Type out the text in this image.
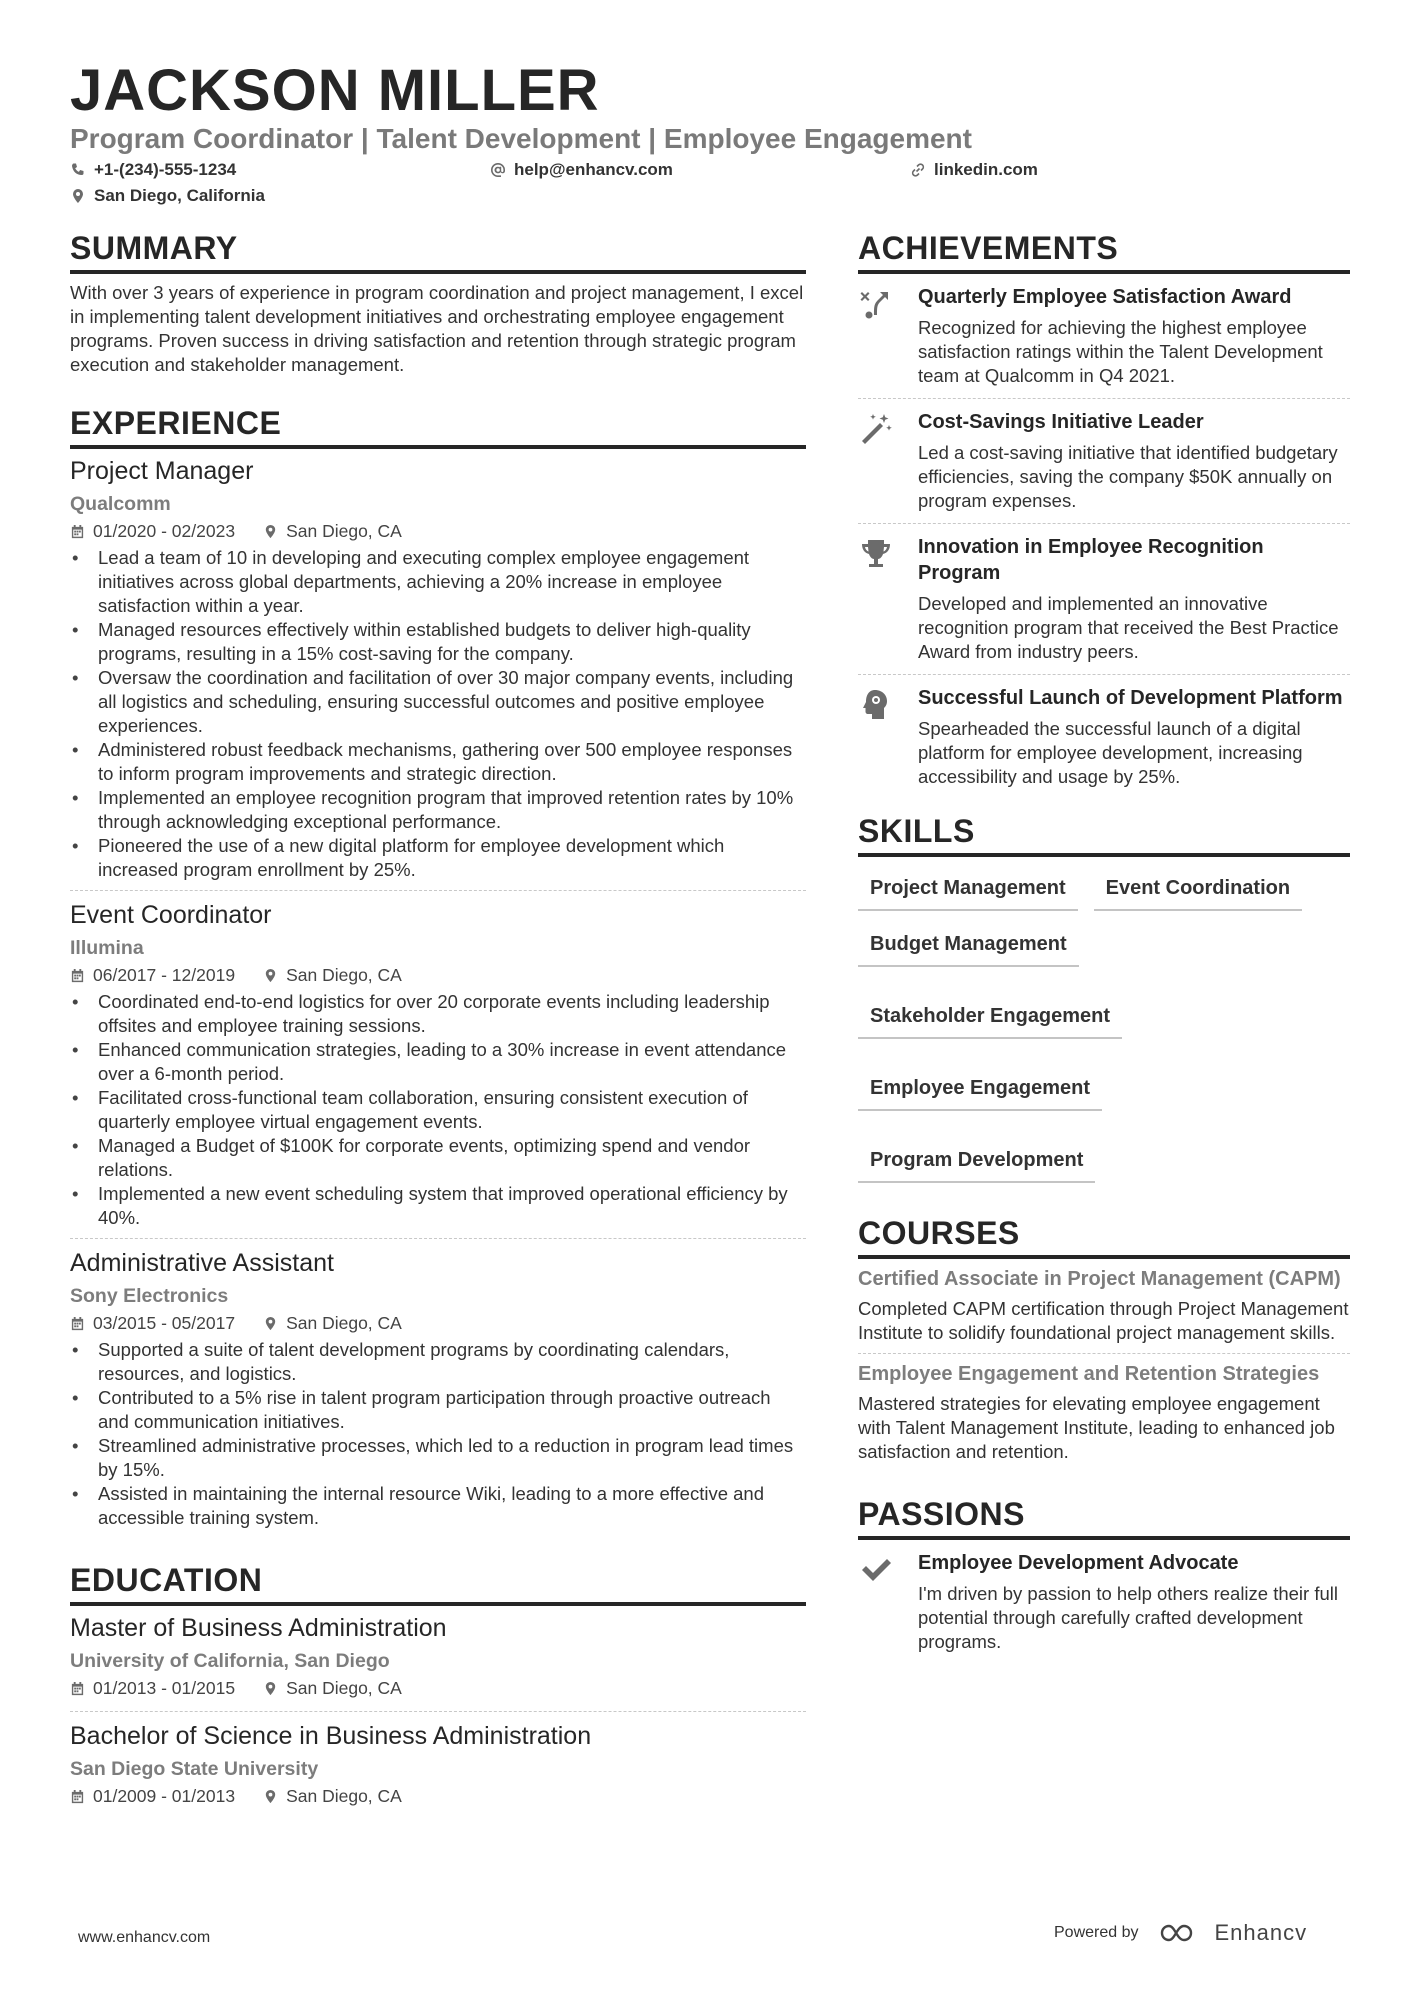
JACKSON MILLER
Program Coordinator | Talent Development | Employee Engagement
+1-(234)-555-1234	help@enhancv.com	linkedin.com
San Diego, California
SUMMARY

With over 3 years of experience in program coordination and project management, I excel in implementing talent development initiatives and orchestrating employee engagement programs. Proven success in driving satisfaction and retention through strategic program execution and stakeholder management.

EXPERIENCE
Project Manager
Qualcomm
01/2020 - 02/2023	San Diego, CA
• Lead a team of 10 in developing and executing complex employee engagement initiatives across global departments, achieving a 20% increase in employee satisfaction within a year.
• Managed resources effectively within established budgets to deliver high-quality programs, resulting in a 15% cost-saving for the company.
• Oversaw the coordination and facilitation of over 30 major company events, including all logistics and scheduling, ensuring successful outcomes and positive employee experiences.
• Administered robust feedback mechanisms, gathering over 500 employee responses to inform program improvements and strategic direction.
• Implemented an employee recognition program that improved retention rates by 10% through acknowledging exceptional performance.
• Pioneered the use of a new digital platform for employee development which increased program enrollment by 25%.
Event Coordinator
Illumina
06/2017 - 12/2019	San Diego, CA
• Coordinated end-to-end logistics for over 20 corporate events including leadership offsites and employee training sessions.
• Enhanced communication strategies, leading to a 30% increase in event attendance over a 6-month period.
• Facilitated cross-functional team collaboration, ensuring consistent execution of quarterly employee virtual engagement events.
• Managed a Budget of $100K for corporate events, optimizing spend and vendor relations.
• Implemented a new event scheduling system that improved operational efficiency by 40%.
Administrative Assistant
Sony Electronics
03/2015 - 05/2017	San Diego, CA
• Supported a suite of talent development programs by coordinating calendars, resources, and logistics.
• Contributed to a 5% rise in talent program participation through proactive outreach and communication initiatives.
• Streamlined administrative processes, which led to a reduction in program lead times by 15%.
• Assisted in maintaining the internal resource Wiki, leading to a more effective and accessible training system.
EDUCATION
Master of Business Administration
University of California, San Diego
01/2013 - 01/2015	San Diego, CA
Bachelor of Science in Business Administration
San Diego State University
01/2009 - 01/2013	San Diego, CA
ACHIEVEMENTS
Quarterly Employee Satisfaction Award

Recognized for achieving the highest employee satisfaction ratings within the Talent Development team at Qualcomm in Q4 2021.

Cost-Savings Initiative Leader

Led a cost-saving initiative that identified budgetary efficiencies, saving the company $50K annually on program expenses.

Innovation in Employee Recognition Program

Developed and implemented an innovative recognition program that received the Best Practice Award from industry peers.

Successful Launch of Development Platform

Spearheaded the successful launch of a digital platform for employee development, increasing accessibility and usage by 25%.

SKILLS
Project Management	Event Coordination
Budget Management
Stakeholder Engagement
Employee Engagement
Program Development
COURSES
Certified Associate in Project Management (CAPM)

Completed CAPM certification through Project Management Institute to solidify foundational project management skills.

Employee Engagement and Retention Strategies

Mastered strategies for elevating employee engagement with Talent Management Institute, leading to enhanced job satisfaction and retention.

PASSIONS
Employee Development Advocate

I'm driven by passion to help others realize their full potential through carefully crafted development programs.

www.enhancv.com	Powered by	Enhancv
